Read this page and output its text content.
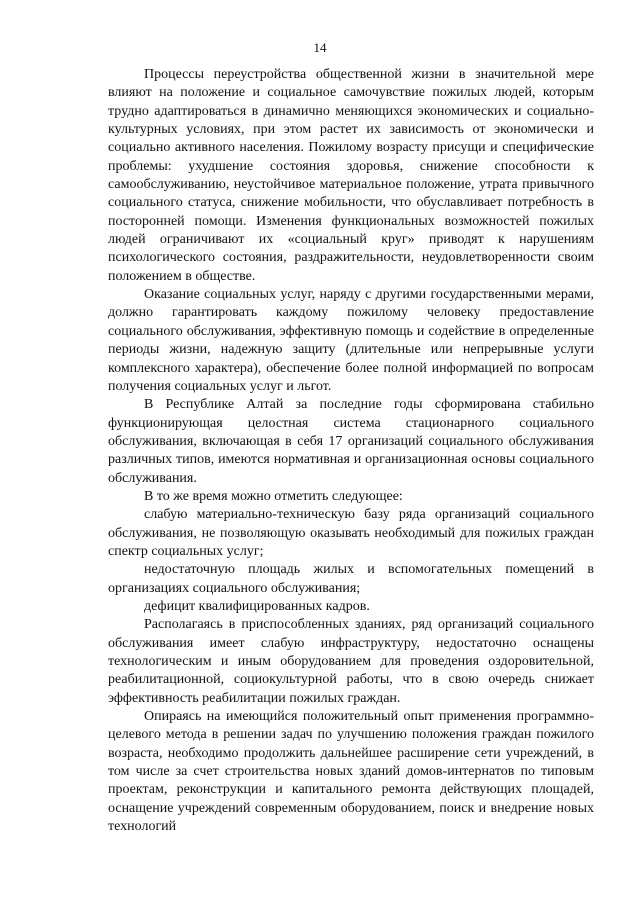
14

Процессы переустройства общественной жизни в значительной мере влияют на положение и социальное самочувствие пожилых людей, которым трудно адаптироваться в динамично меняющихся экономических и социально-культурных условиях, при этом растет их зависимость от экономически и социально активного населения. Пожилому возрасту присущи и специфические проблемы: ухудшение состояния здоровья, снижение способности к самообслуживанию, неустойчивое материальное положение, утрата привычного социального статуса, снижение мобильности, что обуславливает потребность в посторонней помощи. Изменения функциональных возможностей пожилых людей ограничивают их «социальный круг» приводят к нарушениям психологического состояния, раздражительности, неудовлетворенности своим положением в обществе.

Оказание социальных услуг, наряду с другими государственными мерами, должно гарантировать каждому пожилому человеку предоставление социального обслуживания, эффективную помощь и содействие в определенные периоды жизни, надежную защиту (длительные или непрерывные услуги комплексного характера), обеспечение более полной информацией по вопросам получения социальных услуг и льгот.

В Республике Алтай за последние годы сформирована стабильно функционирующая целостная система стационарного социального обслуживания, включающая в себя 17 организаций социального обслуживания различных типов, имеются нормативная и организационная основы социального обслуживания.

В то же время можно отметить следующее:

слабую материально-техническую базу ряда организаций социального обслуживания, не позволяющую оказывать необходимый для пожилых граждан спектр социальных услуг;

недостаточную площадь жилых и вспомогательных помещений в организациях социального обслуживания;

дефицит квалифицированных кадров.

Располагаясь в приспособленных зданиях, ряд организаций социального обслуживания имеет слабую инфраструктуру, недостаточно оснащены технологическим и иным оборудованием для проведения оздоровительной, реабилитационной, социокультурной работы, что в свою очередь снижает эффективность реабилитации пожилых граждан.

Опираясь на имеющийся положительный опыт применения программно-целевого метода в решении задач по улучшению положения граждан пожилого возраста, необходимо продолжить дальнейшее расширение сети учреждений, в том числе за счет строительства новых зданий домов-интернатов по типовым проектам, реконструкции и капитального ремонта действующих площадей, оснащение учреждений современным оборудованием, поиск и внедрение новых технологий
